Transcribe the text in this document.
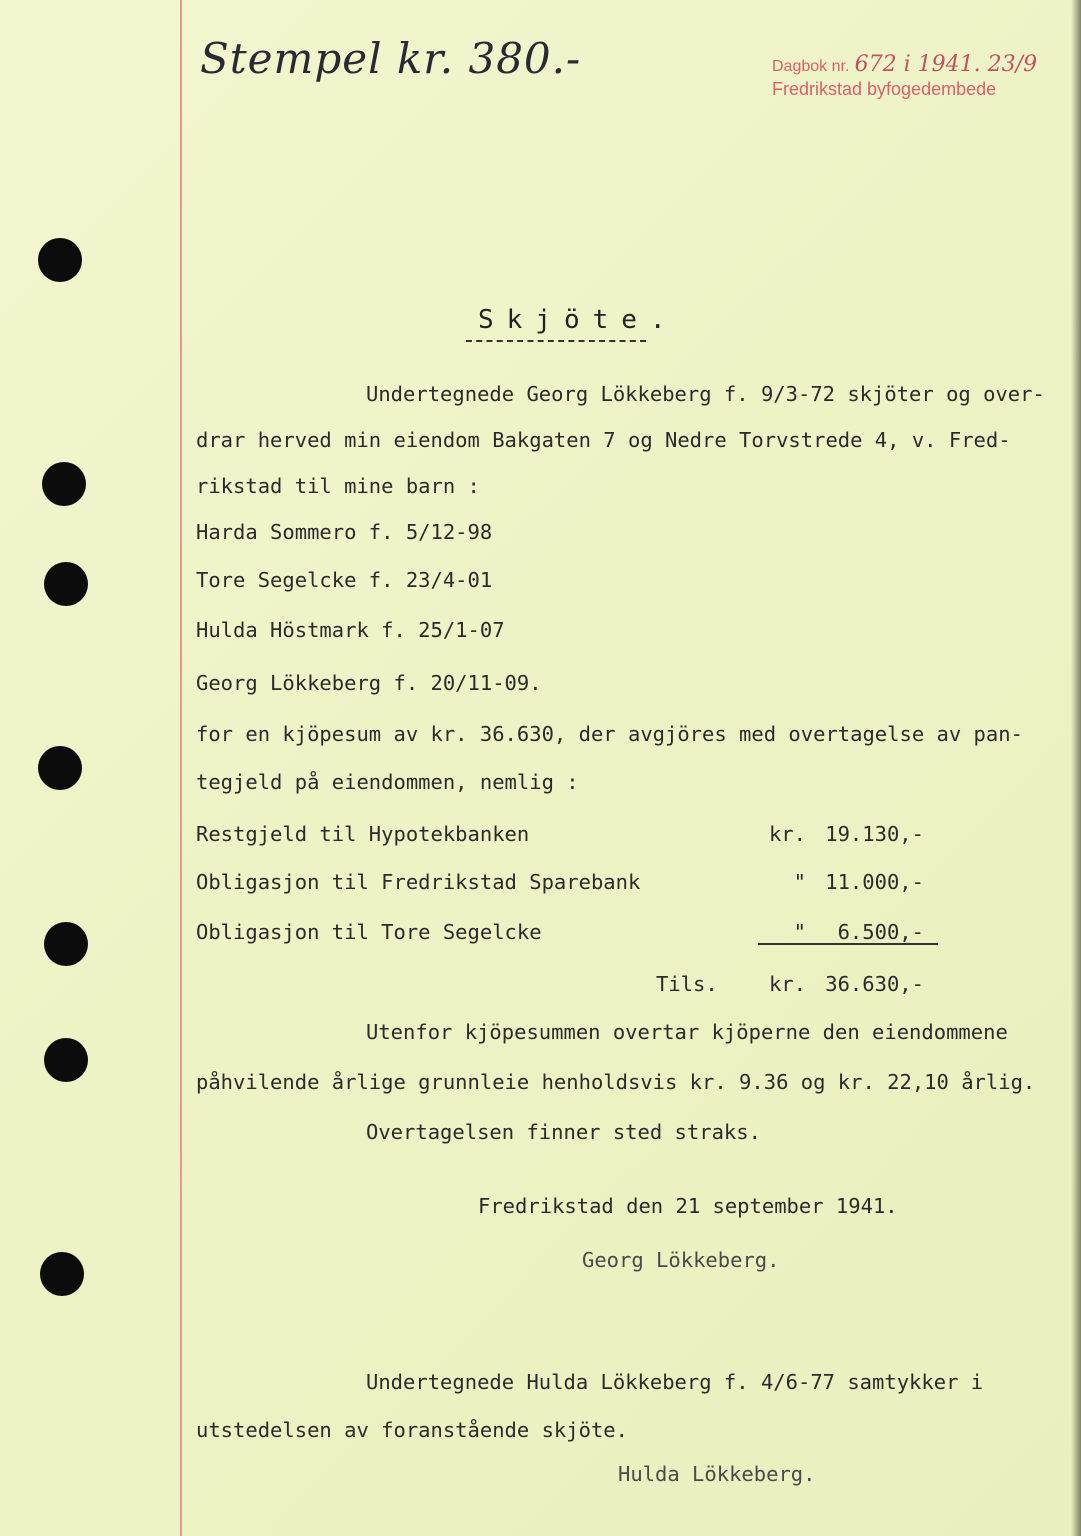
Stempel kr. 380.-	Dagbok nr. 672 i 1941. 23/9
Fredrikstad byfogedembede
Skjöte.
Undertegnede Georg Lökkeberg f. 9/3-72 skjöter og over-
drar herved min eiendom Bakgaten 7 og Nedre Torvstrede 4, v. Fred-
rikstad til mine barn :
Harda Sommero f. 5/12-98
Tore Segelcke f. 23/4-01
Hulda Höstmark f. 25/1-07
Georg Lökkeberg f. 20/11-09.
for en kjöpesum av kr. 36.630, der avgjöres med overtagelse av pan-
tegjeld på eiendommen, nemlig :
Restgjeld til Hypotekbanken	kr. 19.130,-
Obligasjon til Fredrikstad Sparebank	" 11.000,-
Obligasjon til Tore Segelcke	"	6.500,-
Tils.	kr. 36.630,-
Utenfor kjöpesummen overtar kjöperne den eiendommene
påhvilende årlige grunnleie henholdsvis kr. 9.36 og kr. 22,10 årlig.
Overtagelsen finner sted straks.
Fredrikstad den 21 september 1941.
Georg Lökkeberg.
Undertegnede Hulda Lökkeberg f. 4/6-77 samtykker i
utstedelsen av foranstående skjöte.
Hulda Lökkeberg.
